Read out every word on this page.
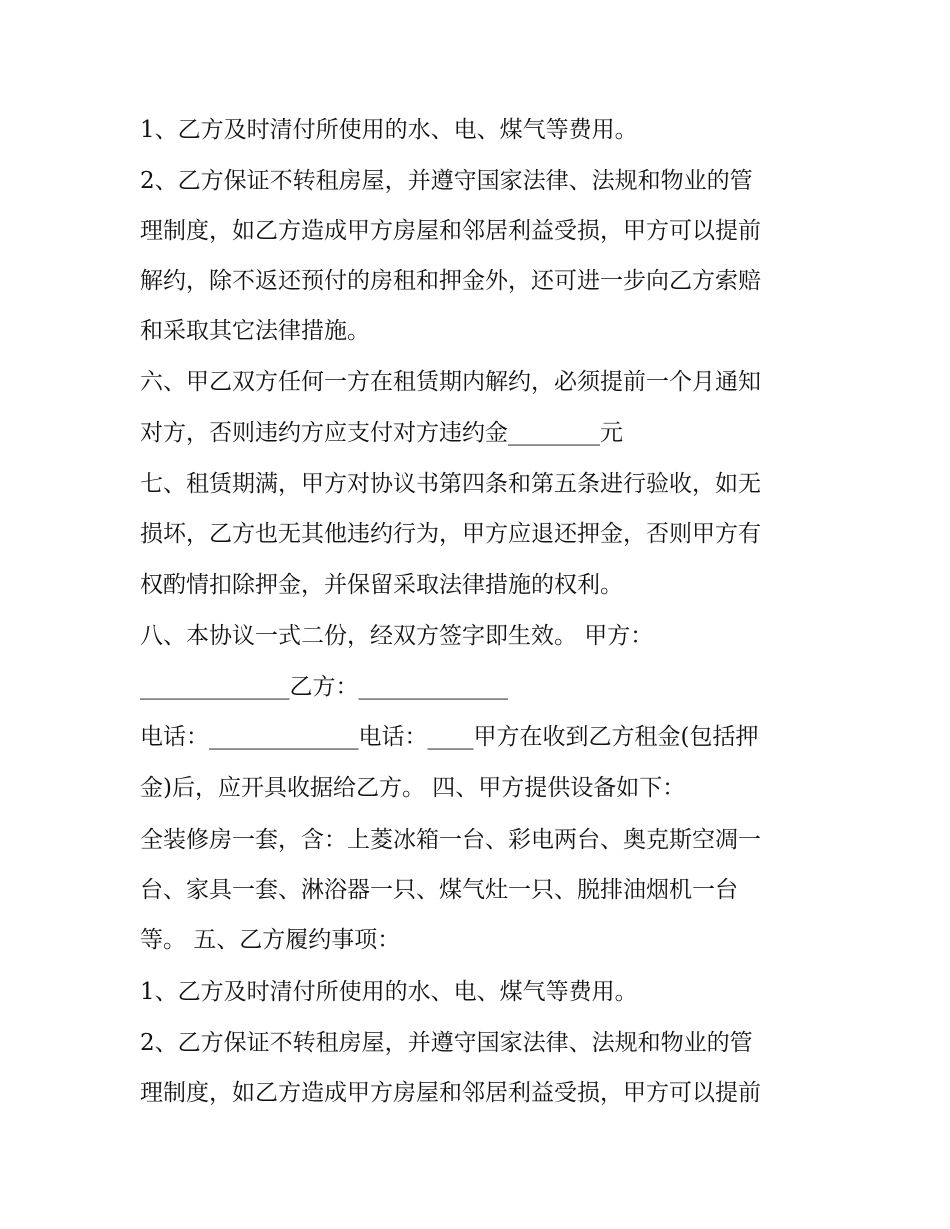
1、乙方及时清付所使用的水、电、煤气等费用。

2、乙方保证不转租房屋，并遵守国家法律、法规和物业的管

理制度，如乙方造成甲方房屋和邻居利益受损，甲方可以提前

解约，除不返还预付的房租和押金外，还可进一步向乙方索赔

和采取其它法律措施。

六、甲乙双方任何一方在租赁期内解约，必须提前一个月通知

对方，否则违约方应支付对方违约金________元

七、租赁期满，甲方对协议书第四条和第五条进行验收，如无

损坏，乙方也无其他违约行为，甲方应退还押金，否则甲方有

权酌情扣除押金，并保留采取法律措施的权利。

八、本协议一式二份，经双方签字即生效。 甲方：

_____________乙方：_____________

电话：_____________电话：____甲方在收到乙方租金(包括押

金)后，应开具收据给乙方。 四、甲方提供设备如下：

全装修房一套，含：上菱冰箱一台、彩电两台、奥克斯空凋一

台、家具一套、淋浴器一只、煤气灶一只、脱排油烟机一台

等。 五、乙方履约事项：

1、乙方及时清付所使用的水、电、煤气等费用。

2、乙方保证不转租房屋，并遵守国家法律、法规和物业的管

理制度，如乙方造成甲方房屋和邻居利益受损，甲方可以提前
